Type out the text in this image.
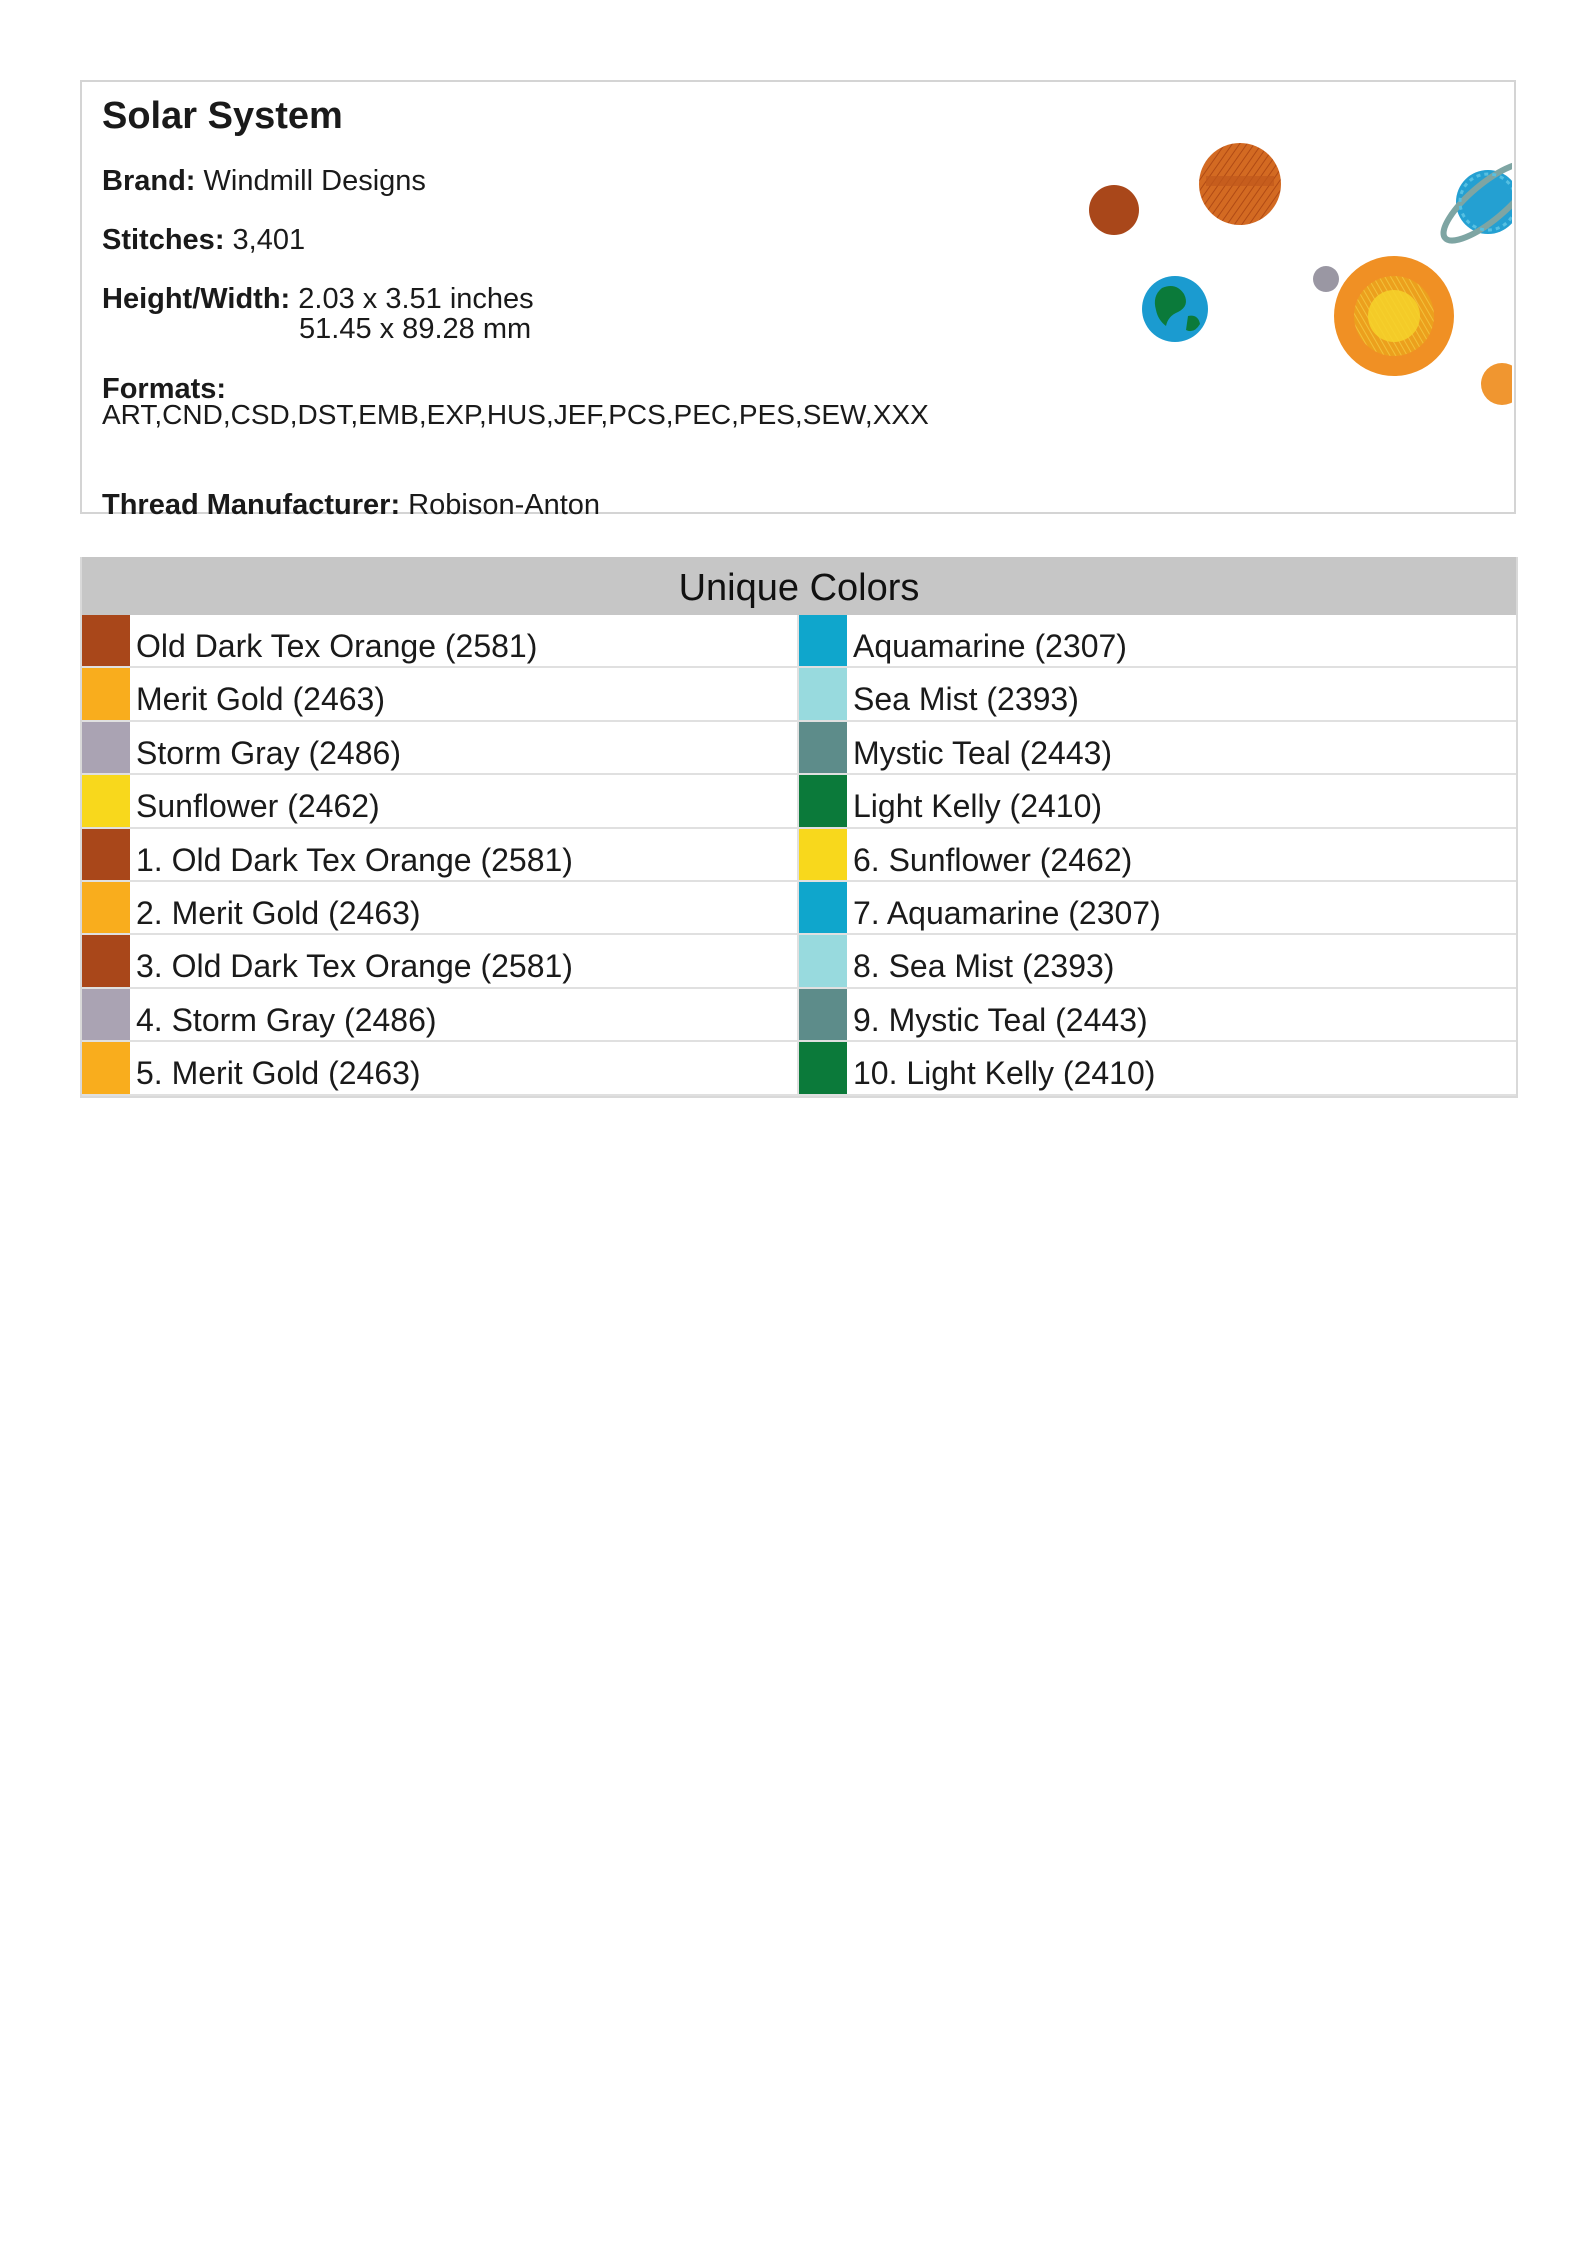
Solar System
Brand: Windmill Designs
Stitches: 3,401
Height/Width: 2.03 x 3.51 inches
51.45 x 89.28 mm
Formats:
ART,CND,CSD,DST,EMB,EXP,HUS,JEF,PCS,PEC,PES,SEW,XXX
Thread Manufacturer: Robison-Anton
Unique Colors
Old Dark Tex Orange (2581)
Merit Gold (2463)
Storm Gray (2486)
Sunflower (2462)
1. Old Dark Tex Orange (2581)
2. Merit Gold (2463)
3. Old Dark Tex Orange (2581)
4. Storm Gray (2486)
5. Merit Gold (2463)
Aquamarine (2307)
Sea Mist (2393)
Mystic Teal (2443)
Light Kelly (2410)
6. Sunflower (2462)
7. Aquamarine (2307)
8. Sea Mist (2393)
9. Mystic Teal (2443)
10. Light Kelly (2410)
